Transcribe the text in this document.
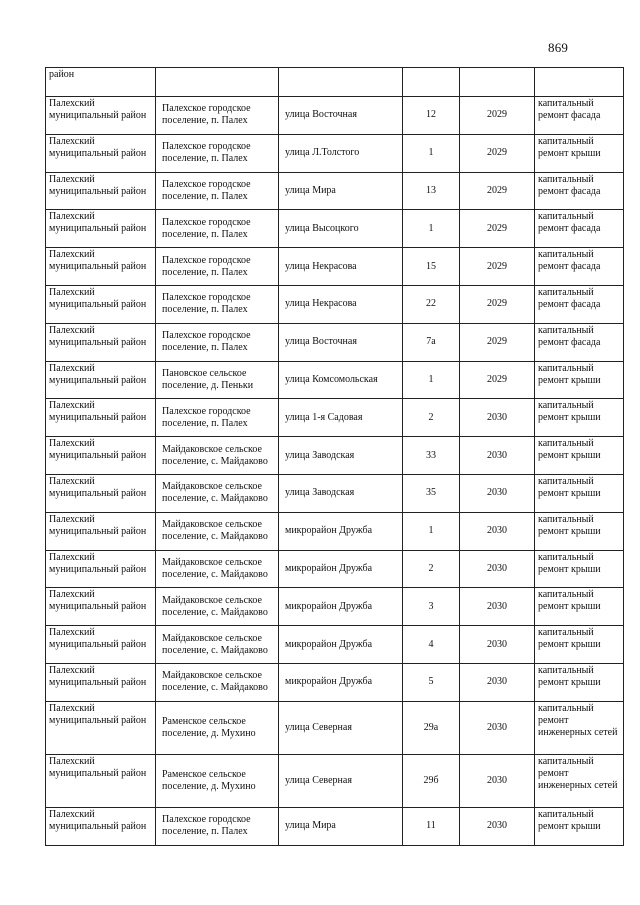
869
район					
Палехский муниципальный район	Палехское городское поселение, п. Палех	улица Восточная	12	2029	капитальный ремонт фасада
Палехский муниципальный район	Палехское городское поселение, п. Палех	улица Л.Толстого	1	2029	капитальный ремонт крыши
Палехский муниципальный район	Палехское городское поселение, п. Палех	улица Мира	13	2029	капитальный ремонт фасада
Палехский муниципальный район	Палехское городское поселение, п. Палех	улица Высоцкого	1	2029	капитальный ремонт фасада
Палехский муниципальный район	Палехское городское поселение, п. Палех	улица Некрасова	15	2029	капитальный ремонт фасада
Палехский муниципальный район	Палехское городское поселение, п. Палех	улица Некрасова	22	2029	капитальный ремонт фасада
Палехский муниципальный район	Палехское городское поселение, п. Палех	улица Восточная	7а	2029	капитальный ремонт фасада
Палехский муниципальный район	Пановское сельское поселение, д. Пеньки	улица Комсомольская	1	2029	капитальный ремонт крыши
Палехский муниципальный район	Палехское городское поселение, п. Палех	улица 1-я Садовая	2	2030	капитальный ремонт крыши
Палехский муниципальный район	Майдаковское сельское поселение, с. Майдаково	улица Заводская	33	2030	капитальный ремонт крыши
Палехский муниципальный район	Майдаковское сельское поселение, с. Майдаково	улица Заводская	35	2030	капитальный ремонт крыши
Палехский муниципальный район	Майдаковское сельское поселение, с. Майдаково	микрорайон Дружба	1	2030	капитальный ремонт крыши
Палехский муниципальный район	Майдаковское сельское поселение, с. Майдаково	микрорайон Дружба	2	2030	капитальный ремонт крыши
Палехский муниципальный район	Майдаковское сельское поселение, с. Майдаково	микрорайон Дружба	3	2030	капитальный ремонт крыши
Палехский муниципальный район	Майдаковское сельское поселение, с. Майдаково	микрорайон Дружба	4	2030	капитальный ремонт крыши
Палехский муниципальный район	Майдаковское сельское поселение, с. Майдаково	микрорайон Дружба	5	2030	капитальный ремонт крыши
Палехский муниципальный район	Раменское сельское поселение, д. Мухино	улица Северная	29а	2030	капитальный ремонт инженерных сетей
Палехский муниципальный район	Раменское сельское поселение, д. Мухино	улица Северная	29б	2030	капитальный ремонт инженерных сетей
Палехский муниципальный район	Палехское городское поселение, п. Палех	улица Мира	11	2030	капитальный ремонт крыши
